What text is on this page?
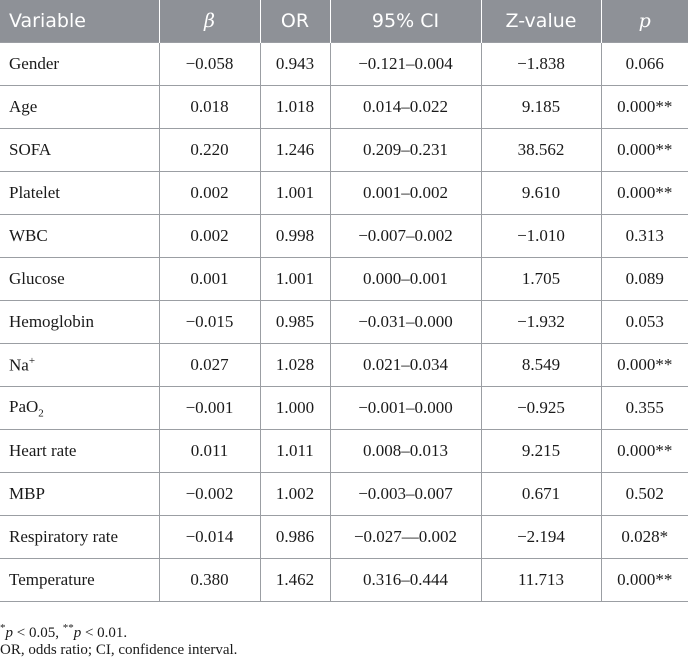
Variable	β	OR	95% CI	Z-value	p
Gender	−0.058	0.943	−0.121–0.004	−1.838	0.066
Age	0.018	1.018	0.014–0.022	9.185	0.000**
SOFA	0.220	1.246	0.209–0.231	38.562	0.000**
Platelet	0.002	1.001	0.001–0.002	9.610	0.000**
WBC	0.002	0.998	−0.007–0.002	−1.010	0.313
Glucose	0.001	1.001	0.000–0.001	1.705	0.089
Hemoglobin	−0.015	0.985	−0.031–0.000	−1.932	0.053
Na+	0.027	1.028	0.021–0.034	8.549	0.000**
PaO$_2$	−0.001	1.000	−0.001–0.000	−0.925	0.355
Heart rate	0.011	1.011	0.008–0.013	9.215	0.000**
MBP	−0.002	1.002	−0.003–0.007	0.671	0.502
Respiratory rate	−0.014	0.986	−0.027––0.002	−2.194	0.028*
Temperature	0.380	1.462	0.316–0.444	11.713	0.000**
*p < 0.05, **p < 0.01.
OR, odds ratio; CI, confidence interval.
